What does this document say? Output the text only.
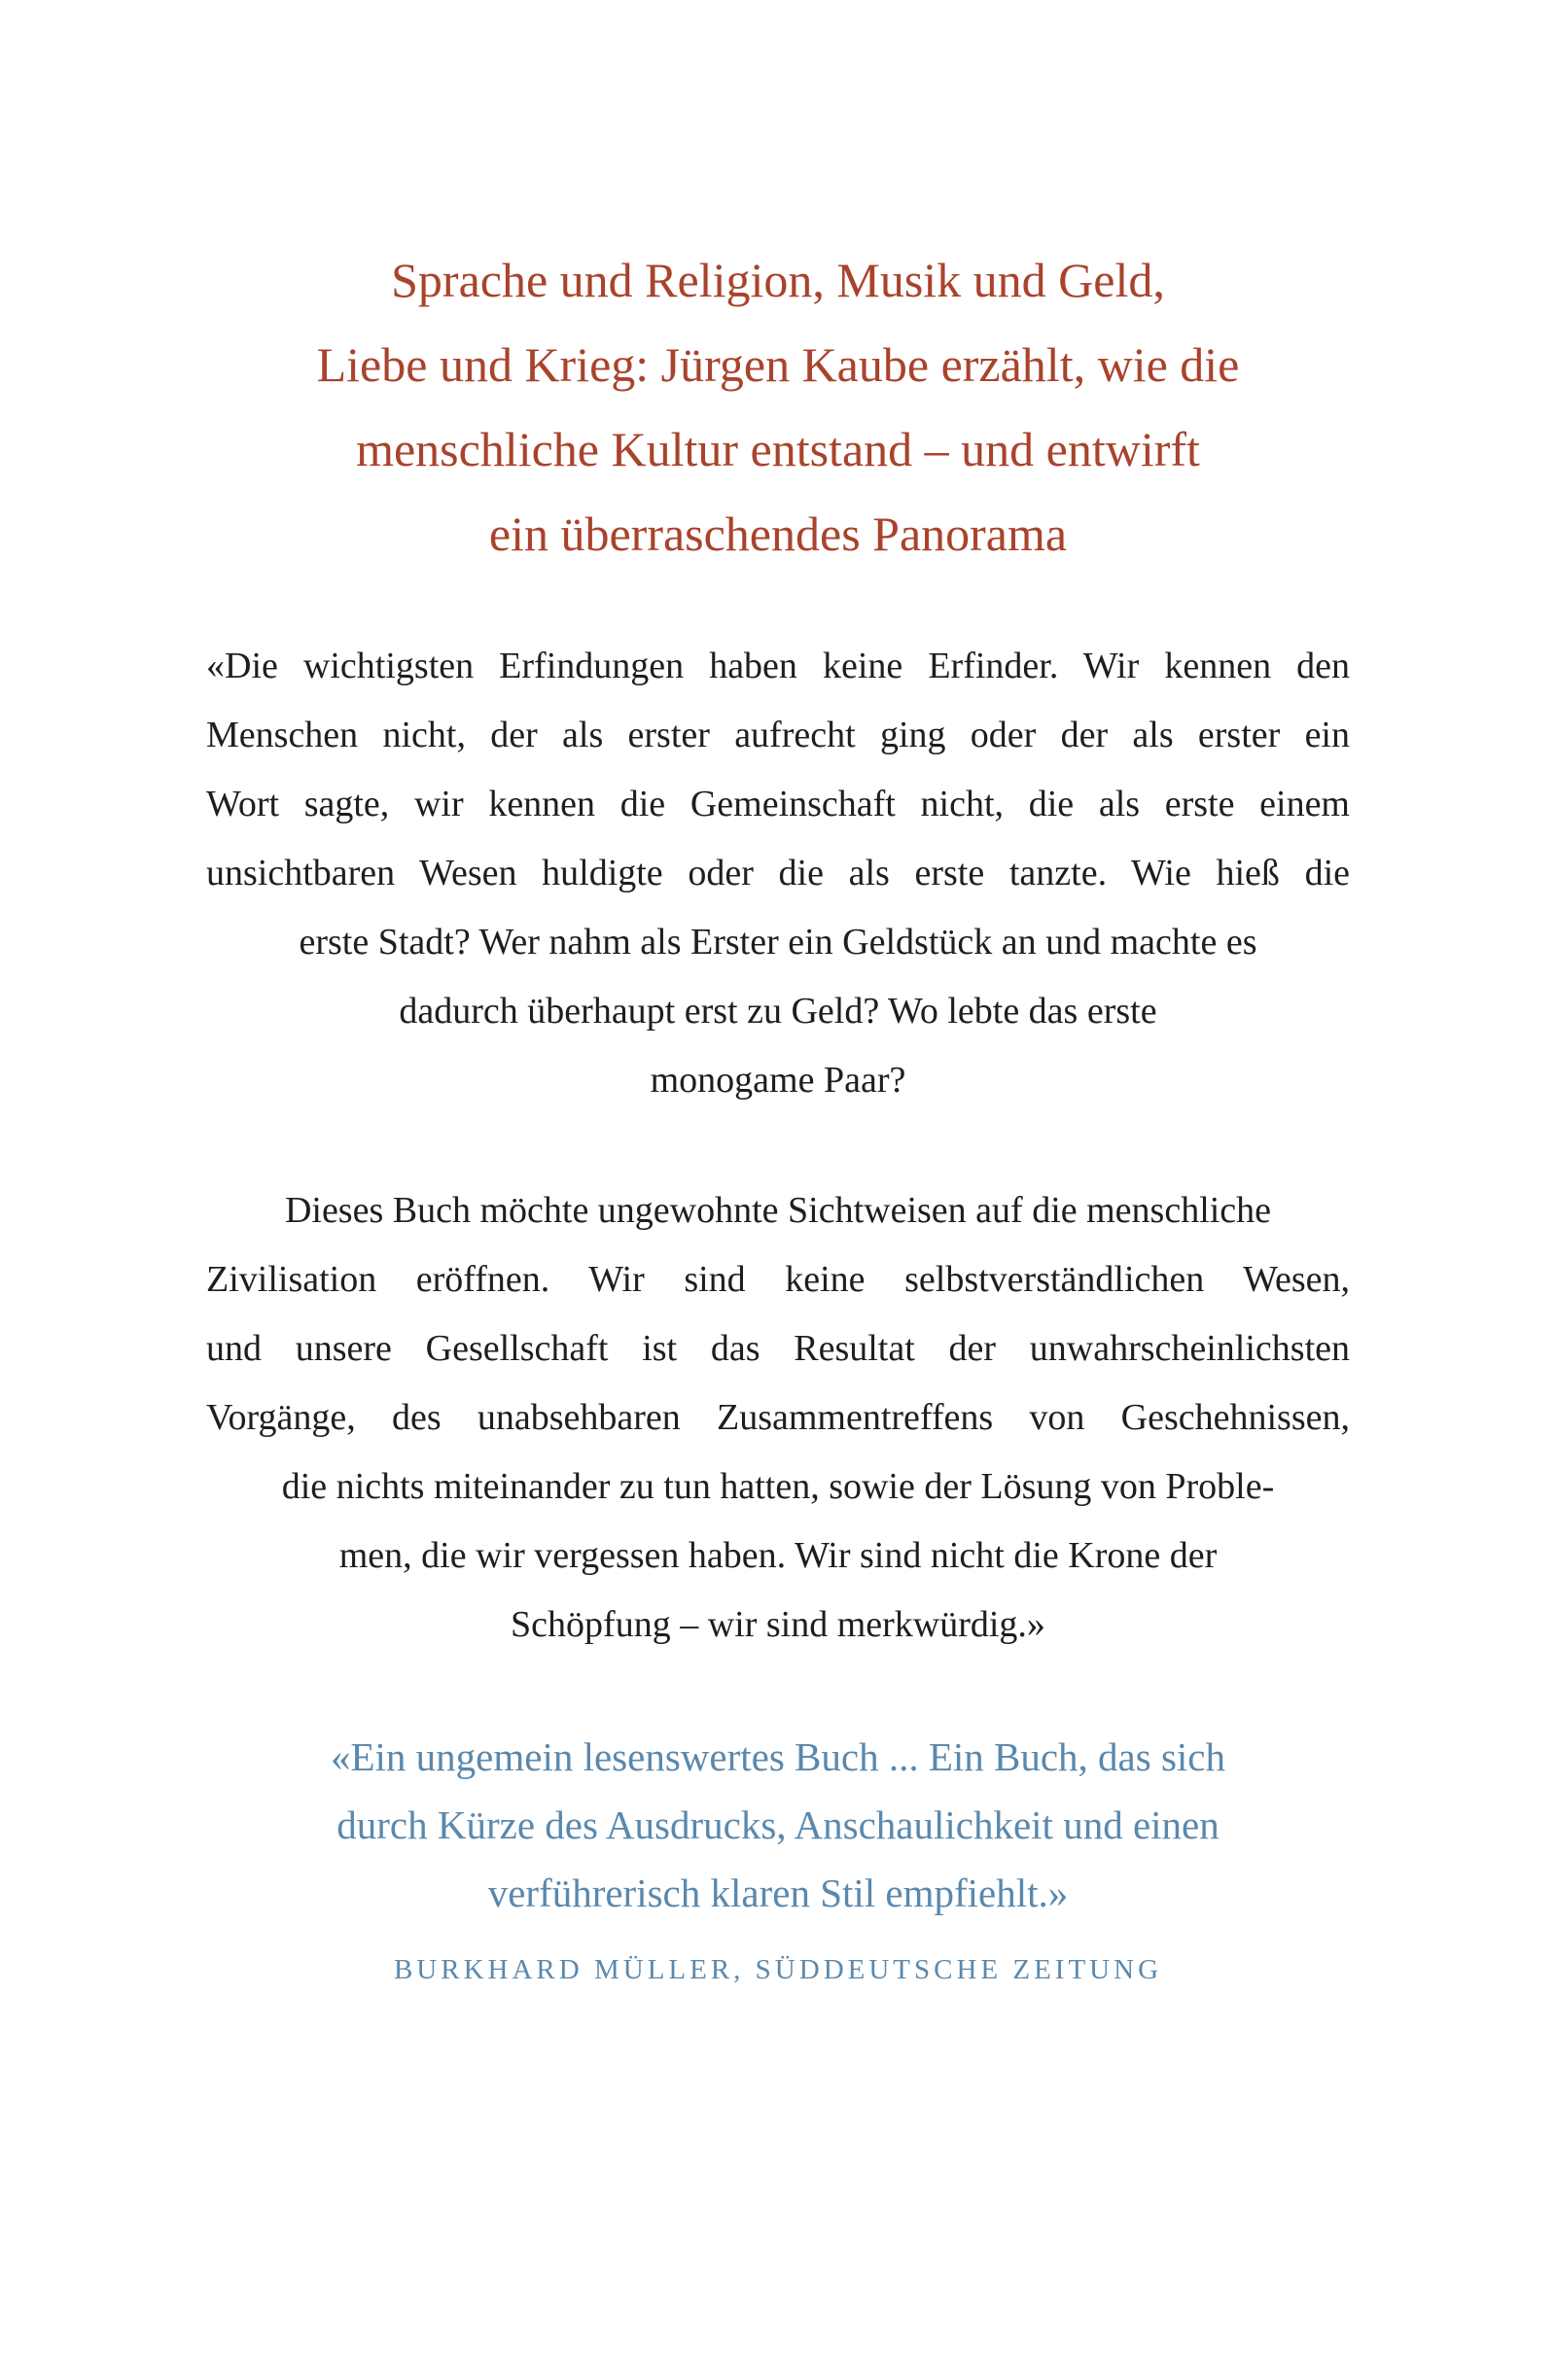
Sprache und Religion, Musik und Geld,
Liebe und Krieg: Jürgen Kaube erzählt, wie die
menschliche Kultur entstand – und entwirft
ein überraschendes Panorama
«Die wichtigsten Erfindungen haben keine Erfinder. Wir kennen den
Menschen nicht, der als erster aufrecht ging oder der als erster ein
Wort sagte, wir kennen die Gemeinschaft nicht, die als erste einem
unsichtbaren Wesen huldigte oder die als erste tanzte. Wie hieß die
erste Stadt? Wer nahm als Erster ein Geldstück an und machte es
dadurch überhaupt erst zu Geld? Wo lebte das erste
monogame Paar?
Dieses Buch möchte ungewohnte Sichtweisen auf die menschliche
Zivilisation eröffnen. Wir sind keine selbstverständlichen Wesen,
und unsere Gesellschaft ist das Resultat der unwahrscheinlichsten
Vorgänge, des unabsehbaren Zusammentreffens von Geschehnissen,
die nichts miteinander zu tun hatten, sowie der Lösung von Proble-
men, die wir vergessen haben. Wir sind nicht die Krone der
Schöpfung – wir sind merkwürdig.»
«Ein ungemein lesenswertes Buch ... Ein Buch, das sich
durch Kürze des Ausdrucks, Anschaulichkeit und einen
verführerisch klaren Stil empfiehlt.»
BURKHARD MÜLLER, SÜDDEUTSCHE ZEITUNG
